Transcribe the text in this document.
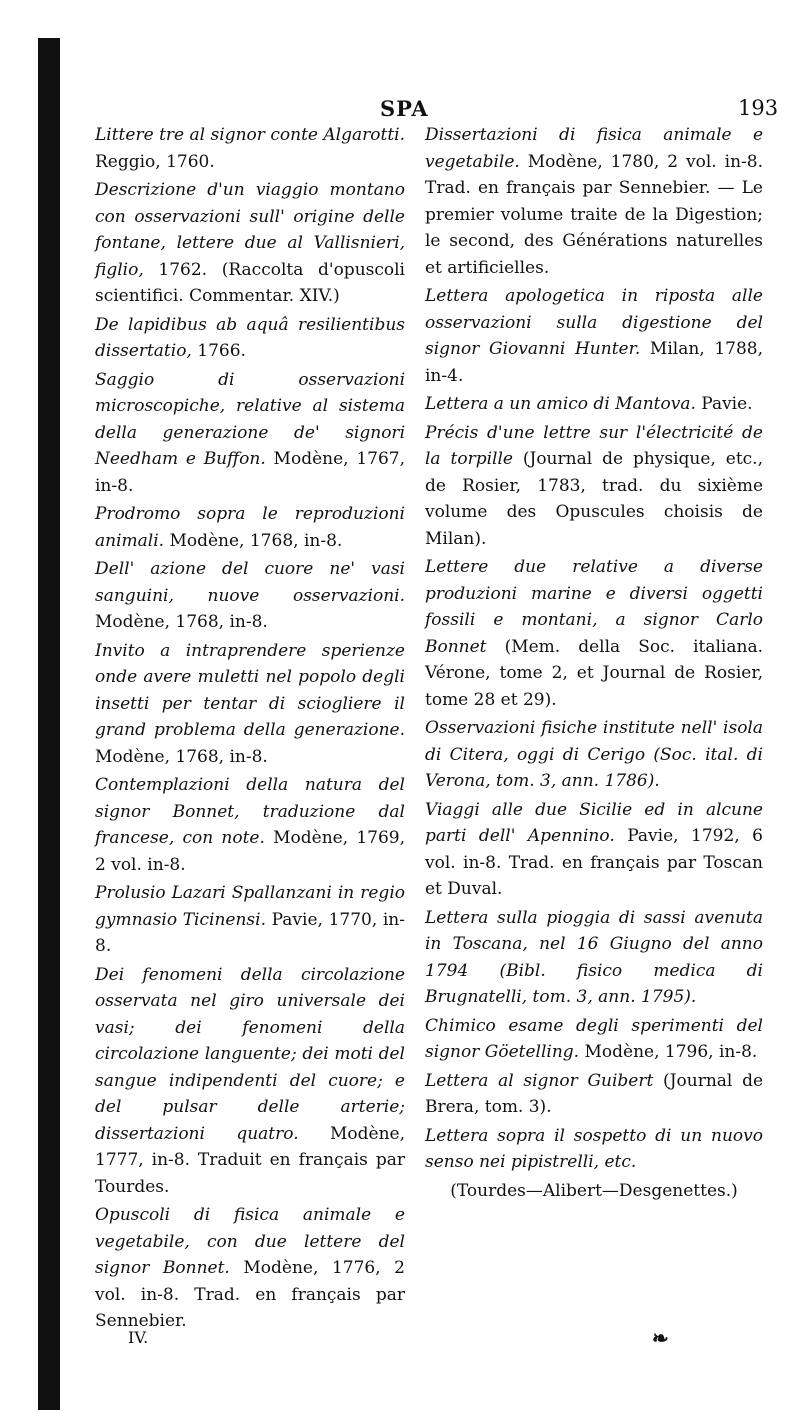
SPA	193

Littere tre al signor conte Algarotti. Reggio, 1760.

Descrizione d'un viaggio montano con osservazioni sull' origine delle fontane, lettere due al Vallisnieri, figlio, 1762. (Raccolta d'opuscoli scientifici. Commentar. XIV.)

De lapidibus ab aquâ resilientibus dissertatio, 1766.

Saggio di osservazioni microscopiche, relative al sistema della generazione de' signori Needham e Buffon. Modène, 1767, in-8.

Prodromo sopra le reproduzioni animali. Modène, 1768, in-8.

Dell' azione del cuore ne' vasi sanguini, nuove osservazioni. Modène, 1768, in-8.

Invito a intraprendere sperienze onde avere muletti nel popolo degli insetti per tentar di sciogliere il grand problema della generazione. Modène, 1768, in-8.

Contemplazioni della natura del signor Bonnet, traduzione dal francese, con note. Modène, 1769, 2 vol. in-8.

Prolusio Lazari Spallanzani in regio gymnasio Ticinensi. Pavie, 1770, in-8.

Dei fenomeni della circolazione osservata nel giro universale dei vasi; dei fenomeni della circolazione languente; dei moti del sangue indipendenti del cuore; e del pulsar delle arterie; dissertazioni quatro. Modène, 1777, in-8. Traduit en français par Tourdes.

Opuscoli di fisica animale e vegetabile, con due lettere del signor Bonnet. Modène, 1776, 2 vol. in-8. Trad. en français par Sennebier.

Dissertazioni di fisica animale e vegetabile. Modène, 1780, 2 vol. in-8. Trad. en français par Sennebier. — Le premier volume traite de la Digestion; le second, des Générations naturelles et artificielles.

Lettera apologetica in riposta alle osservazioni sulla digestione del signor Giovanni Hunter. Milan, 1788, in-4.

Lettera a un amico di Mantova. Pavie.

Précis d'une lettre sur l'électricité de la torpille (Journal de physique, etc., de Rosier, 1783, trad. du sixième volume des Opuscules choisis de Milan).

Lettere due relative a diverse produzioni marine e diversi oggetti fossili e montani, a signor Carlo Bonnet (Mem. della Soc. italiana. Vérone, tome 2, et Journal de Rosier, tome 28 et 29).

Osservazioni fisiche institute nell' isola di Citera, oggi di Cerigo (Soc. ital. di Verona, tom. 3, ann. 1786).

Viaggi alle due Sicilie ed in alcune parti dell' Apennino. Pavie, 1792, 6 vol. in-8. Trad. en français par Toscan et Duval.

Lettera sulla pioggia di sassi avenuta in Toscana, nel 16 Giugno del anno 1794 (Bibl. fisico medica di Brugnatelli, tom. 3, ann. 1795).

Chimico esame degli sperimenti del signor Göetelling. Modène, 1796, in-8.

Lettera al signor Guibert (Journal de Brera, tom. 3).

Lettera sopra il sospetto di un nuovo senso nei pipistrelli, etc.

(Tourdes—Alibert—Desgenettes.)

IV.	❧
